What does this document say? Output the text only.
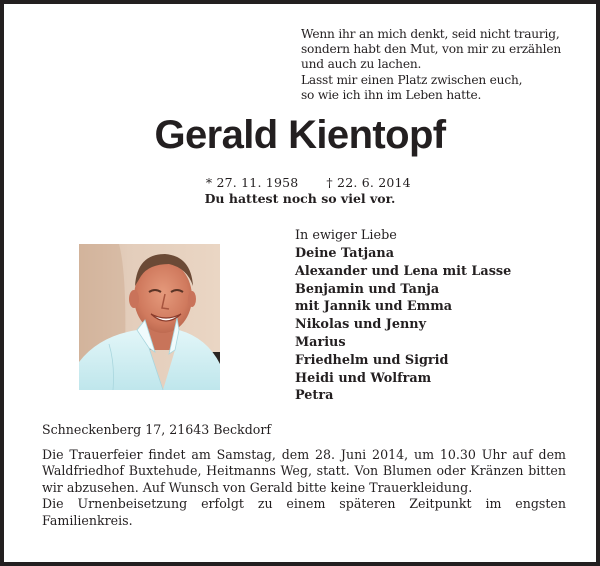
Wenn ihr an mich denkt, seid nicht traurig,
sondern habt den Mut, von mir zu erzählen
und auch zu lachen.
Lasst mir einen Platz zwischen euch,
so wie ich ihn im Leben hatte.
Gerald Kientopf

* 27. 11. 1958 † 22. 6. 2014

Du hattest noch so viel vor.
In ewiger Liebe
Deine Tatjana
Alexander und Lena mit Lasse
Benjamin und Tanja
mit Jannik und Emma
Nikolas und Jenny
Marius
Friedhelm und Sigrid
Heidi und Wolfram
Petra
Schneckenberg 17, 21643 Beckdorf

Die Trauerfeier findet am Samstag, dem 28. Juni 2014, um 10.30 Uhr auf dem Waldfriedhof Buxtehude, Heitmanns Weg, statt. Von Blumen oder Kränzen bitten wir abzusehen. Auf Wunsch von Gerald bitte keine Trauerkleidung.

Die Urnenbeisetzung erfolgt zu einem späteren Zeitpunkt im engsten Familienkreis.
